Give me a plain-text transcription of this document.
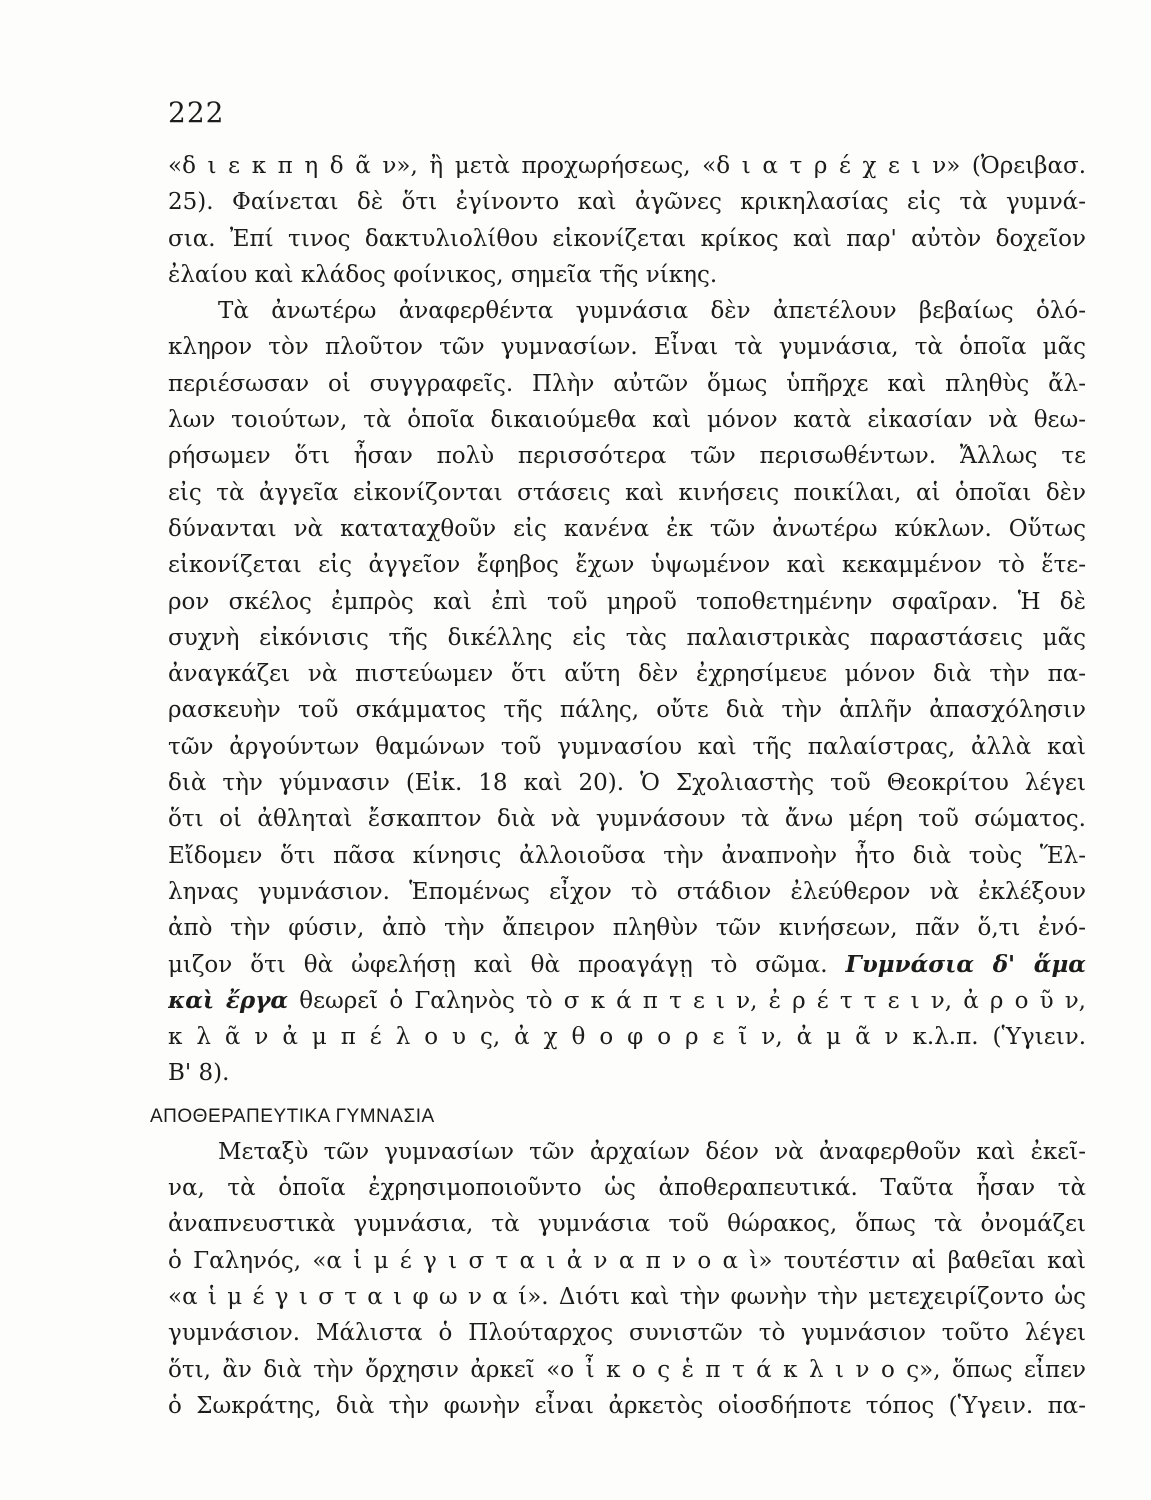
222
«δ ι ε κ π η δ ᾶ ν», ἢ μετὰ προχωρήσεως, «δ ι α τ ρ έ χ ε ι ν» (Ὀρειβασ.
25). Φαίνεται δὲ ὅτι ἐγίνοντο καὶ ἀγῶνες κρικηλασίας εἰς τὰ γυμνά-
σια. Ἐπί τινος δακτυλιολίθου εἰκονίζεται κρίκος καὶ παρ' αὐτὸν δοχεῖον
ἐλαίου καὶ κλάδος φοίνικος, σημεῖα τῆς νίκης.
Τὰ ἀνωτέρω ἀναφερθέντα γυμνάσια δὲν ἀπετέλουν βεβαίως ὁλό-
κληρον τὸν πλοῦτον τῶν γυμνασίων. Εἶναι τὰ γυμνάσια, τὰ ὁποῖα μᾶς
περιέσωσαν οἱ συγγραφεῖς. Πλὴν αὐτῶν ὅμως ὑπῆρχε καὶ πληθὺς ἄλ-
λων τοιούτων, τὰ ὁποῖα δικαιούμεθα καὶ μόνον κατὰ εἰκασίαν νὰ θεω-
ρήσωμεν ὅτι ἦσαν πολὺ περισσότερα τῶν περισωθέντων. Ἄλλως τε
εἰς τὰ ἀγγεῖα εἰκονίζονται στάσεις καὶ κινήσεις ποικίλαι, αἱ ὁποῖαι δὲν
δύνανται νὰ καταταχθοῦν εἰς κανένα ἐκ τῶν ἀνωτέρω κύκλων. Οὕτως
εἰκονίζεται εἰς ἀγγεῖον ἔφηβος ἔχων ὑψωμένον καὶ κεκαμμένον τὸ ἕτε-
ρον σκέλος ἐμπρὸς καὶ ἐπὶ τοῦ μηροῦ τοποθετημένην σφαῖραν. Ἡ δὲ
συχνὴ εἰκόνισις τῆς δικέλλης εἰς τὰς παλαιστρικὰς παραστάσεις μᾶς
ἀναγκάζει νὰ πιστεύωμεν ὅτι αὕτη δὲν ἐχρησίμευε μόνον διὰ τὴν πα-
ρασκευὴν τοῦ σκάμματος τῆς πάλης, οὔτε διὰ τὴν ἁπλῆν ἀπασχόλησιν
τῶν ἀργούντων θαμώνων τοῦ γυμνασίου καὶ τῆς παλαίστρας, ἀλλὰ καὶ
διὰ τὴν γύμνασιν (Εἰκ. 18 καὶ 20). Ὁ Σχολιαστὴς τοῦ Θεοκρίτου λέγει
ὅτι οἱ ἀθληταὶ ἔσκαπτον διὰ νὰ γυμνάσουν τὰ ἄνω μέρη τοῦ σώματος.
Εἴδομεν ὅτι πᾶσα κίνησις ἀλλοιοῦσα τὴν ἀναπνοὴν ἦτο διὰ τοὺς Ἕλ-
ληνας γυμνάσιον. Ἑπομένως εἶχον τὸ στάδιον ἐλεύθερον νὰ ἐκλέξουν
ἀπὸ τὴν φύσιν, ἀπὸ τὴν ἄπειρον πληθὺν τῶν κινήσεων, πᾶν ὅ,τι ἐνό-
μιζον ὅτι θὰ ὠφελήσῃ καὶ θὰ προαγάγῃ τὸ σῶμα. Γυμνάσια δ' ἅμα
καὶ ἔργα θεωρεῖ ὁ Γαληνὸς τὸ σ κ ά π τ ε ι ν, ἐ ρ έ τ τ ε ι ν, ἀ ρ ο ῦ ν,
κ λ ᾶ ν ἀ μ π έ λ ο υ ς, ἀ χ θ ο φ ο ρ ε ῖ ν, ἀ μ ᾶ ν κ.λ.π. (Ὑγιειν.
Β' 8).
ΑΠΟΘΕΡΑΠΕΥΤΙΚΑ ΓΥΜΝΑΣΙΑ
Μεταξὺ τῶν γυμνασίων τῶν ἀρχαίων δέον νὰ ἀναφερθοῦν καὶ ἐκεῖ-
να, τὰ ὁποῖα ἐχρησιμοποιοῦντο ὡς ἀποθεραπευτικά. Ταῦτα ἦσαν τὰ
ἀναπνευστικὰ γυμνάσια, τὰ γυμνάσια τοῦ θώρακος, ὅπως τὰ ὀνομάζει
ὁ Γαληνός, «α ἱ μ έ γ ι σ τ α ι ἀ ν α π ν ο α ὶ» τουτέστιν αἱ βαθεῖαι καὶ
«α ἱ μ έ γ ι σ τ α ι φ ω ν α ί». Διότι καὶ τὴν φωνὴν τὴν μετεχειρίζοντο ὡς
γυμνάσιον. Μάλιστα ὁ Πλούταρχος συνιστῶν τὸ γυμνάσιον τοῦτο λέγει
ὅτι, ἂν διὰ τὴν ὄρχησιν ἀρκεῖ «ο ἶ κ ο ς ἑ π τ ά κ λ ι ν ο ς», ὅπως εἶπεν
ὁ Σωκράτης, διὰ τὴν φωνὴν εἶναι ἀρκετὸς οἱοσδήποτε τόπος (Ὑγειν. πα-
